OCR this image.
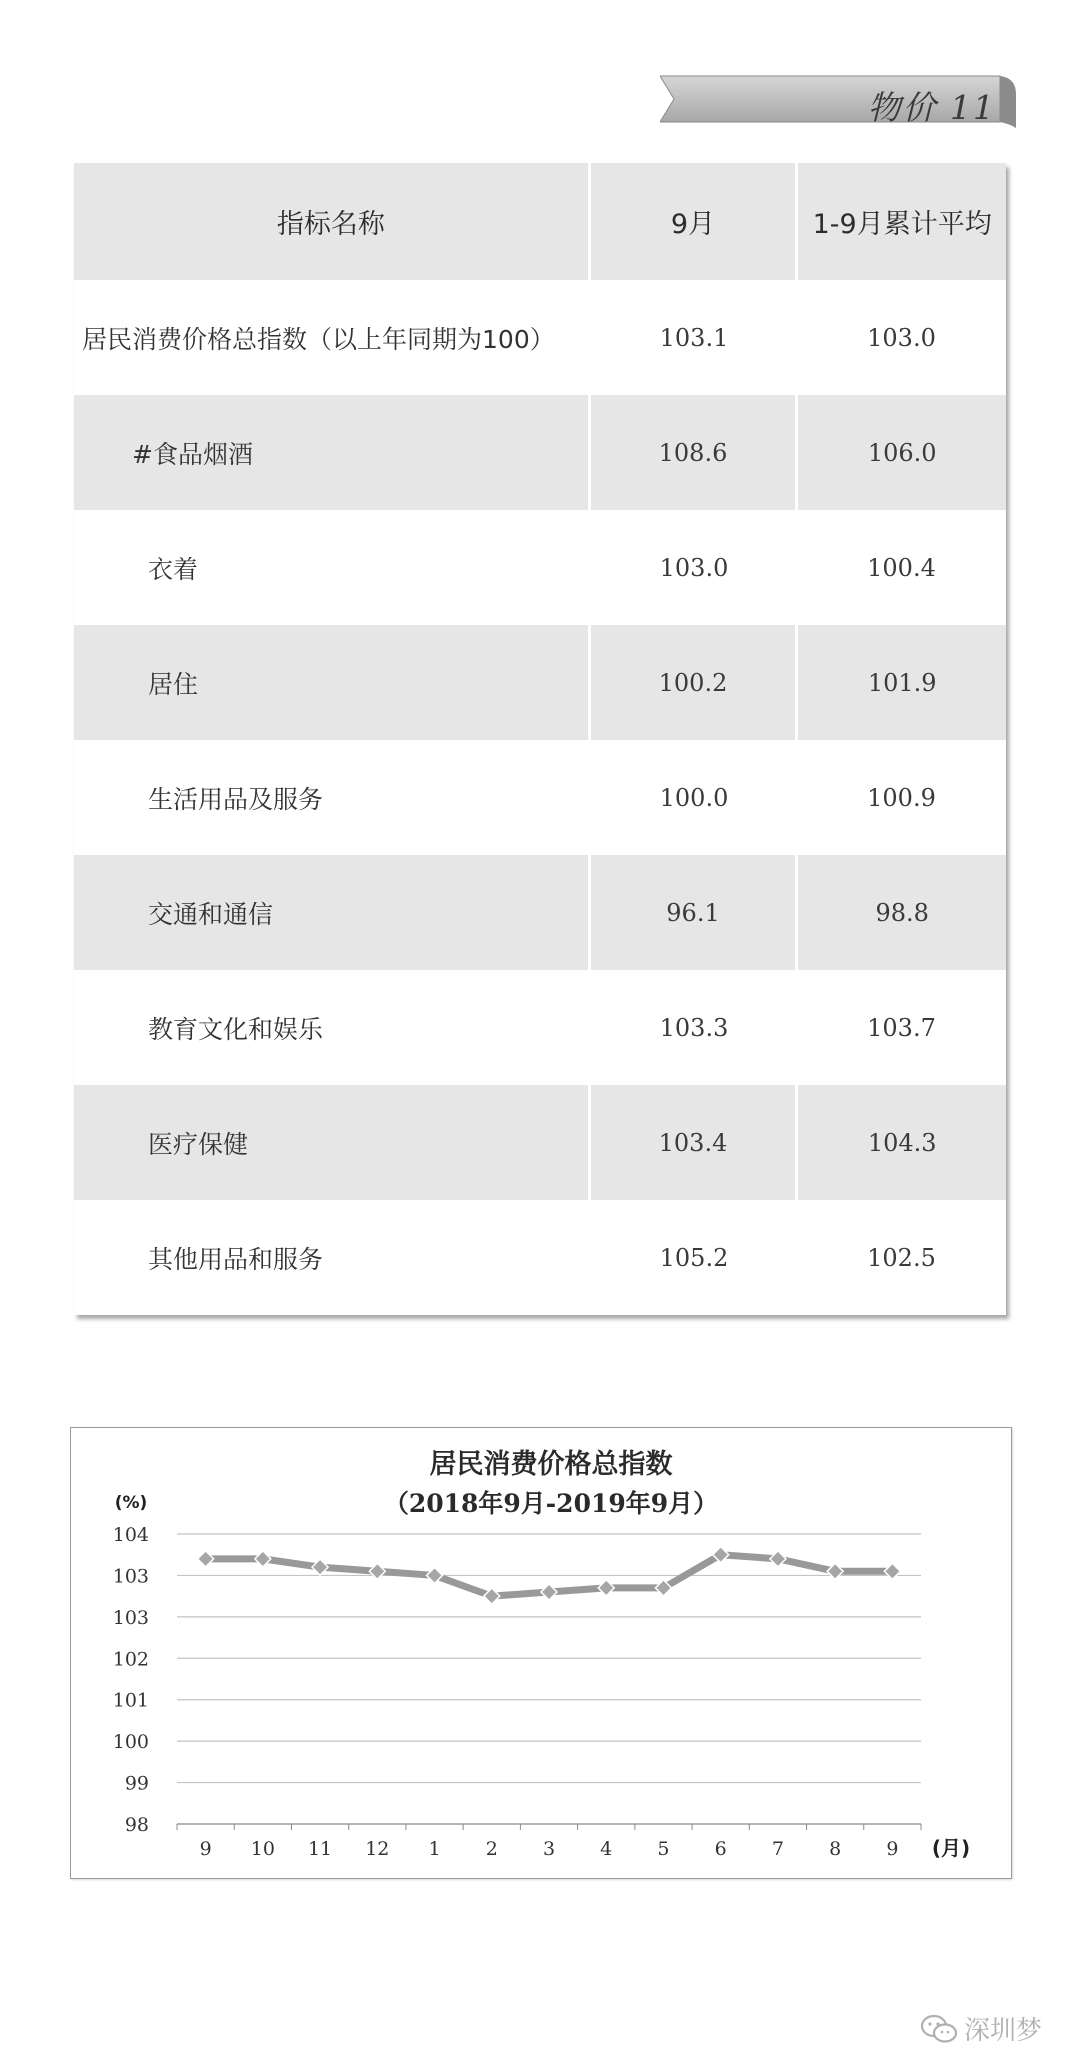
物价 11
指标名称	9月	1-9月累计平均
居民消费价格总指数（以上年同期为100）	103.1	103.0
#食品烟酒	108.6	106.0
衣着	103.0	100.4
居住	100.2	101.9
生活用品及服务	100.0	100.9
交通和通信	96.1	98.8
教育文化和娱乐	103.3	103.7
医疗保健	103.4	104.3
其他用品和服务	105.2	102.5
居民消费价格总指数
（2018年9月-2019年9月）
(%)
(月)
104
103
103
102
101
100
99
98
9 10 11 12 1 2 3 4 5 6 7 8 9
深圳梦
